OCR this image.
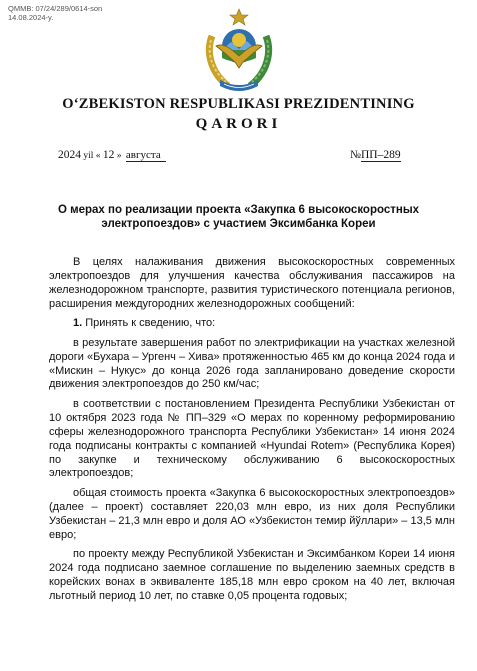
QMMB: 07/24/289/0614-son
14.08.2024-y.
O‘ZBEKISTON RESPUBLIKASI PREZIDENTINING
QARORI
2024 yil « 12 » августа	№ПП–289
О мерах по реализации проекта «Закупка 6 высокоскоростных электропоездов» с участием Эксимбанка Кореи

В целях налаживания движения высокоскоростных современных электропоездов для улучшения качества обслуживания пассажиров на железнодорожном транспорте, развития туристического потенциала регионов, расширения междугородних железнодорожных сообщений:

1. Принять к сведению, что:

в результате завершения работ по электрификации на участках железной дороги «Бухара – Ургенч – Хива» протяженностью 465 км до конца 2024 года и «Мискин – Нукус» до конца 2026 года запланировано доведение скорости движения электропоездов до 250 км/час;

в соответствии с постановлением Президента Республики Узбекистан от 10 октября 2023 года № ПП–329 «О мерах по коренному реформированию сферы железнодорожного транспорта Республики Узбекистан» 14 июня 2024 года подписаны контракты с компанией «Hyundai Rotem» (Республика Корея) по закупке и техническому обслуживанию 6 высокоскоростных электропоездов;

общая стоимость проекта «Закупка 6 высокоскоростных электропоездов» (далее – проект) составляет 220,03 млн евро, из них доля Республики Узбекистан – 21,3 млн евро и доля АО «Узбекистон темир йўллари» – 13,5 млн евро;

по проекту между Республикой Узбекистан и Эксимбанком Кореи 14 июня 2024 года подписано заемное соглашение по выделению заемных средств в корейских вонах в эквиваленте 185,18 млн евро сроком на 40 лет, включая льготный период 10 лет, по ставке 0,05 процента годовых;
